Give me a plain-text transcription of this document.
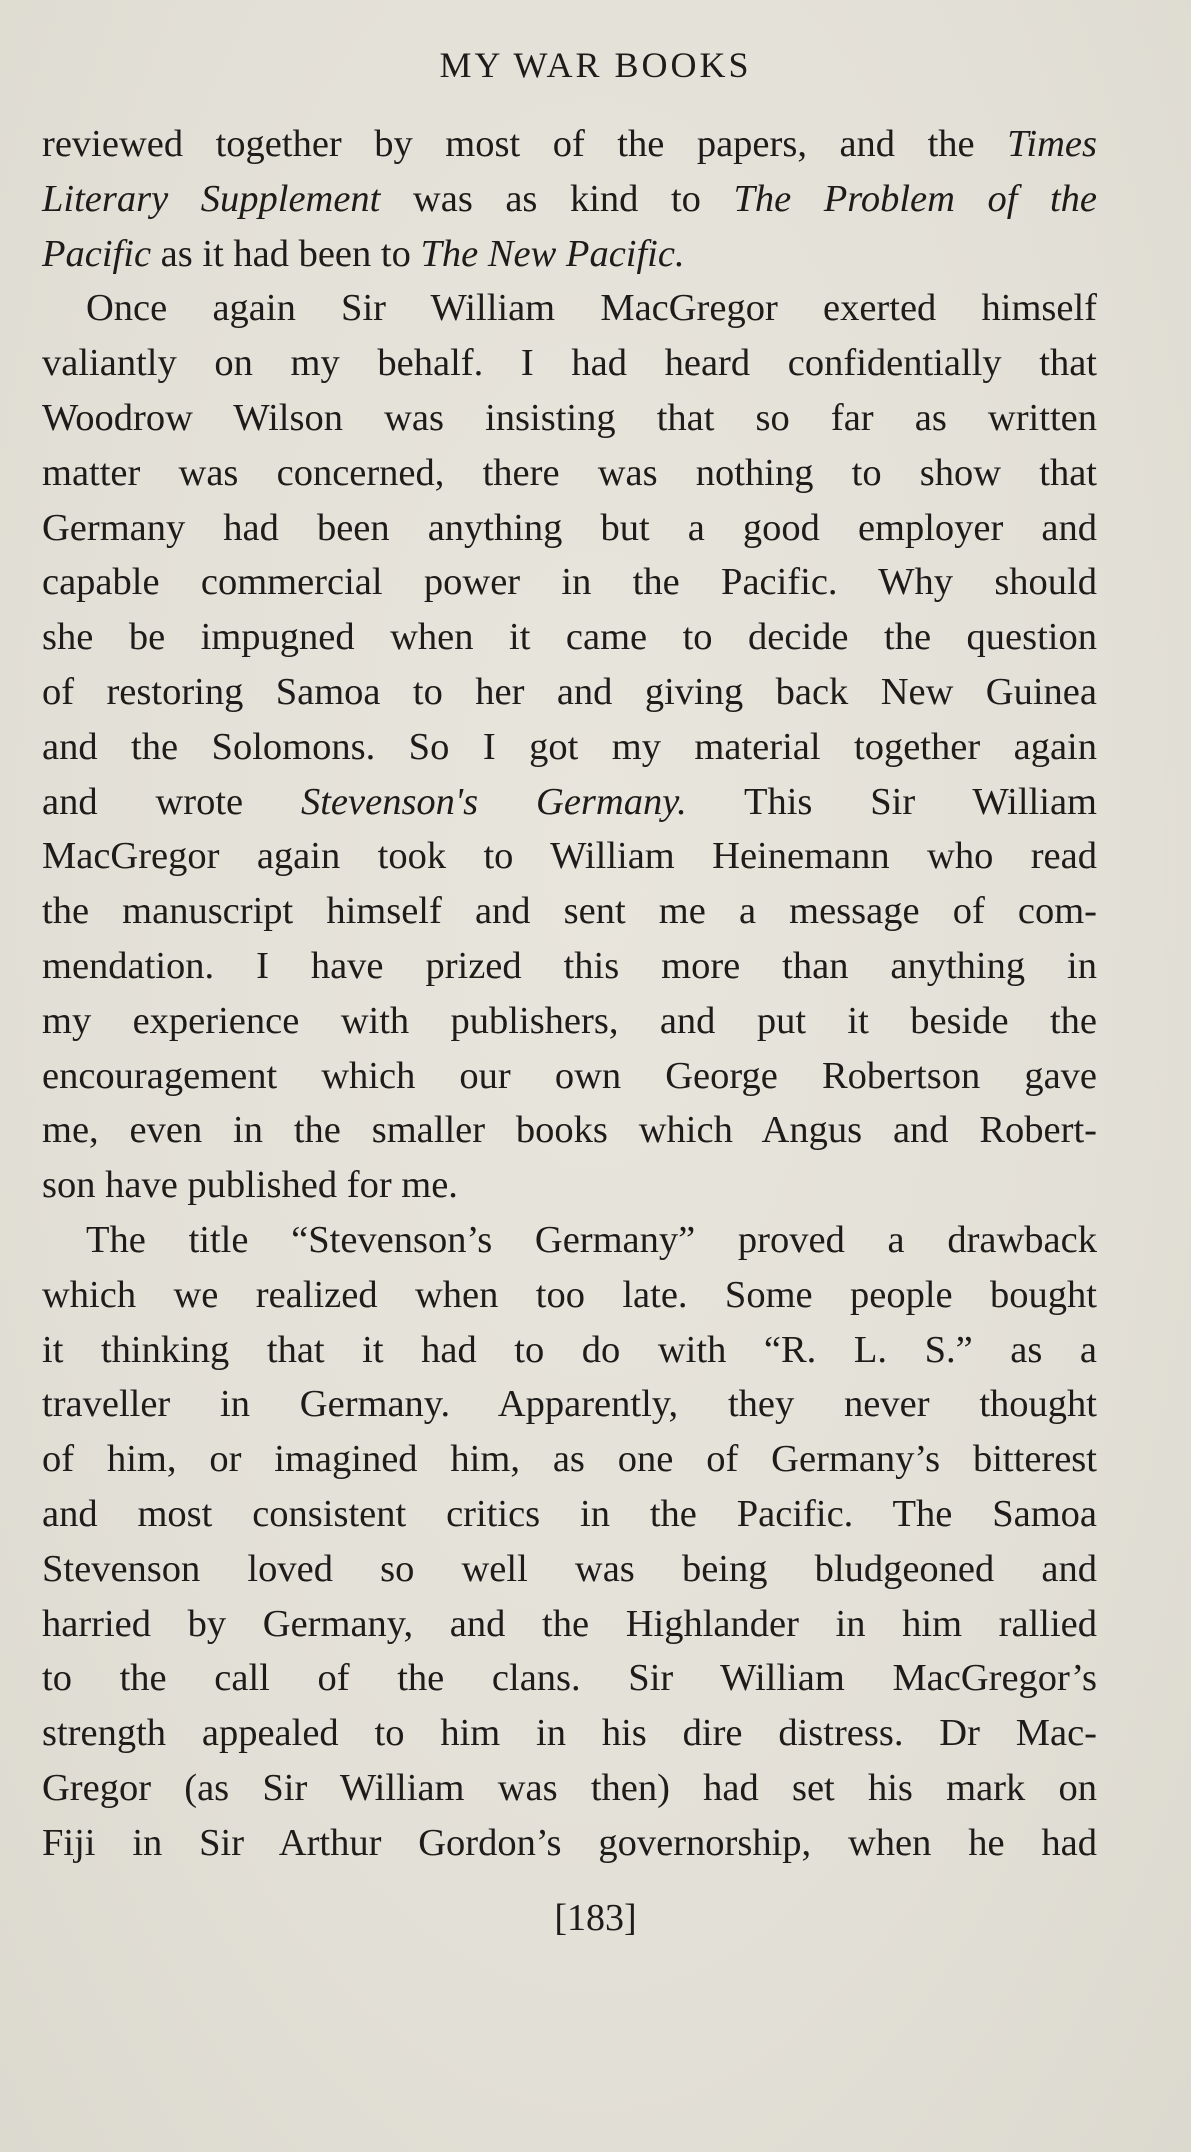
MY WAR BOOKS
reviewed together by most of the papers, and the Times
Literary Supplement was as kind to The Problem of the
Pacific as it had been to The New Pacific.
Once again Sir William MacGregor exerted himself
valiantly on my behalf. I had heard confidentially that
Woodrow Wilson was insisting that so far as written
matter was concerned, there was nothing to show that
Germany had been anything but a good employer and
capable commercial power in the Pacific. Why should
she be impugned when it came to decide the question
of restoring Samoa to her and giving back New Guinea
and the Solomons. So I got my material together again
and wrote Stevenson's Germany. This Sir William
MacGregor again took to William Heinemann who read
the manuscript himself and sent me a message of com-
mendation. I have prized this more than anything in
my experience with publishers, and put it beside the
encouragement which our own George Robertson gave
me, even in the smaller books which Angus and Robert-
son have published for me.
The title “Stevenson’s Germany” proved a drawback
which we realized when too late. Some people bought
it thinking that it had to do with “R. L. S.” as a
traveller in Germany. Apparently, they never thought
of him, or imagined him, as one of Germany’s bitterest
and most consistent critics in the Pacific. The Samoa
Stevenson loved so well was being bludgeoned and
harried by Germany, and the Highlander in him rallied
to the call of the clans. Sir William MacGregor’s
strength appealed to him in his dire distress. Dr Mac-
Gregor (as Sir William was then) had set his mark on
Fiji in Sir Arthur Gordon’s governorship, when he had
[183]
